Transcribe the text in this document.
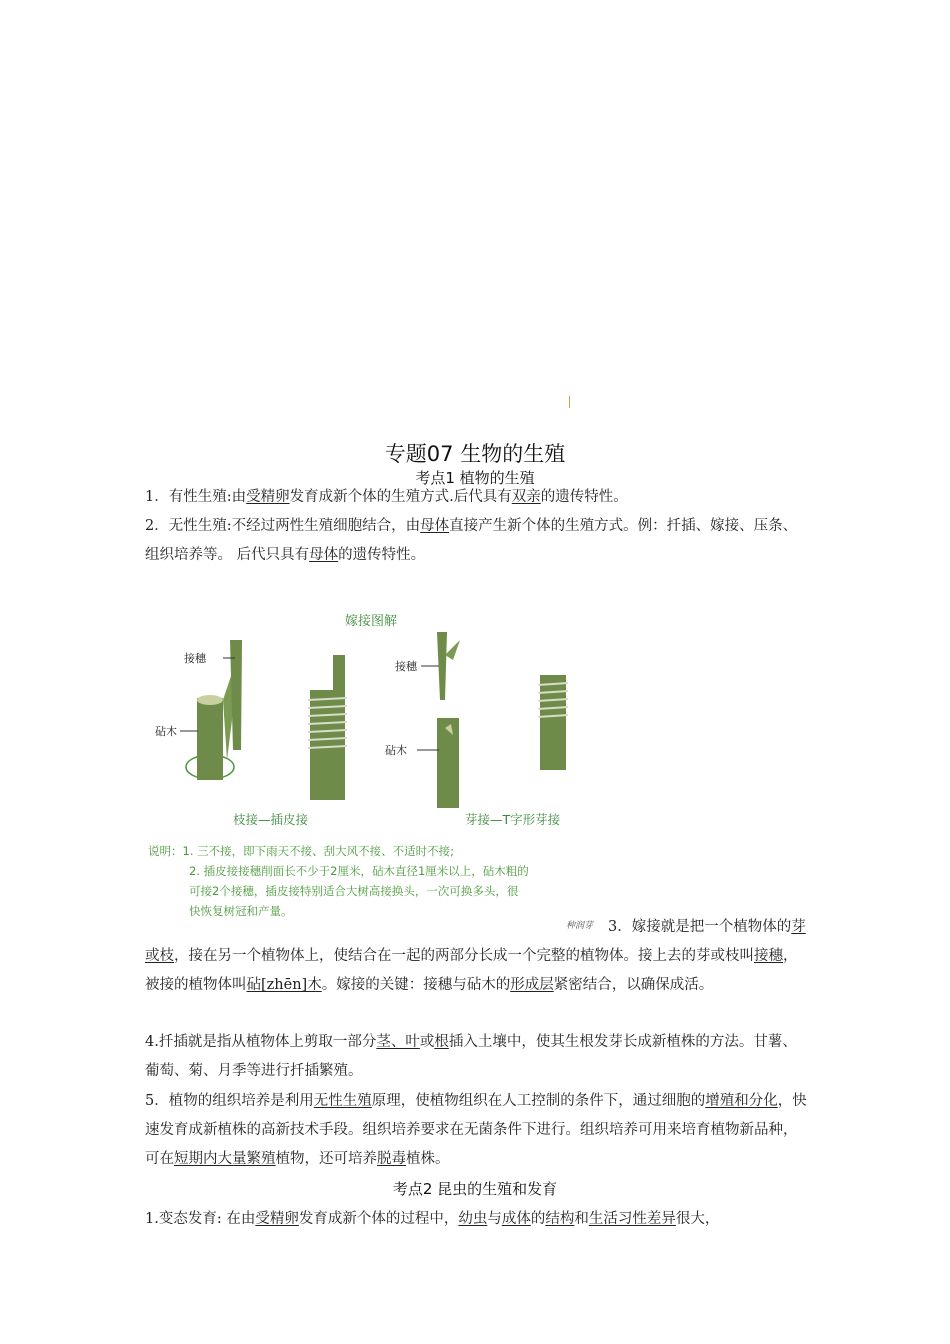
专题07 生物的生殖
考点1 植物的生殖
1．有性生殖:由受精卵发育成新个体的生殖方式.后代具有双亲的遗传特性。
2．无性生殖:不经过两性生殖细胞结合，由母体直接产生新个体的生殖方式。例：扦插、嫁接、压条、组织培养等。 后代只具有母体的遗传特性。
嫁接图解
接穗
砧木
接穗
砧木
枝接—插皮接	芽接—T字形芽接
说明：1. 三不接，即下雨天不接、刮大风不接、不适时不接;
2. 插皮接接穗削面长不少于2厘米，砧木直径1厘米以上，砧木粗的
可接2个接穗，插皮接特别适合大树高接换头，一次可换多头，很
快恢复树冠和产量。
种润芽	3．嫁接就是把一个植物体的芽或枝，接在另一个植物体上，使结合在一起的两部分长成一个完整的植物体。接上去的芽或枝叫接穗，被接的植物体叫砧[zhēn]木。嫁接的关键：接穗与砧木的形成层紧密结合，以确保成活。
4.扦插就是指从植物体上剪取一部分茎、叶或根插入土壤中，使其生根发芽长成新植株的方法。甘薯、葡萄、菊、月季等进行扦插繁殖。
5．植物的组织培养是利用无性生殖原理，使植物组织在人工控制的条件下，通过细胞的增殖和分化，快速发育成新植株的高新技术手段。组织培养要求在无菌条件下进行。组织培养可用来培育植物新品种，可在短期内大量繁殖植物，还可培养脱毒植株。
考点2 昆虫的生殖和发育
1.变态发育: 在由受精卵发育成新个体的过程中，幼虫与成体的结构和生活习性差异很大，
